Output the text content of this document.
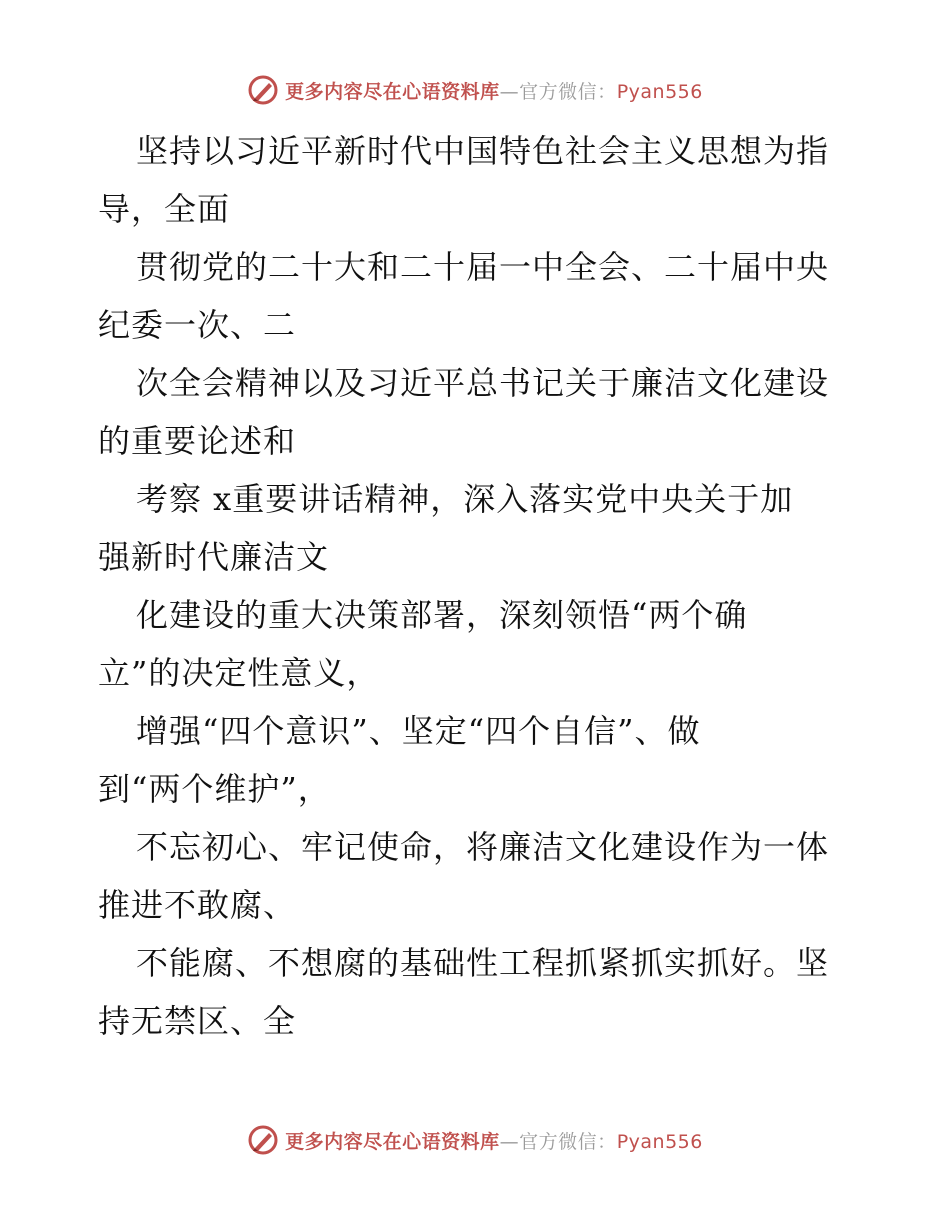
更多内容尽在心语资料库—官方微信：Pyan556
坚持以习近平新时代中国特色社会主义思想为指
导，全面
贯彻党的二十大和二十届一中全会、二十届中央
纪委一次、二
次全会精神以及习近平总书记关于廉洁文化建设
的重要论述和
考察 x重要讲话精神，深入落实党中央关于加
强新时代廉洁文
化建设的重大决策部署，深刻领悟“两个确
立”的决定性意义，
增强“四个意识”、坚定“四个自信”、做
到“两个维护”，
不忘初心、牢记使命，将廉洁文化建设作为一体
推进不敢腐、
不能腐、不想腐的基础性工程抓紧抓实抓好。坚
持无禁区、全
更多内容尽在心语资料库—官方微信：Pyan556
